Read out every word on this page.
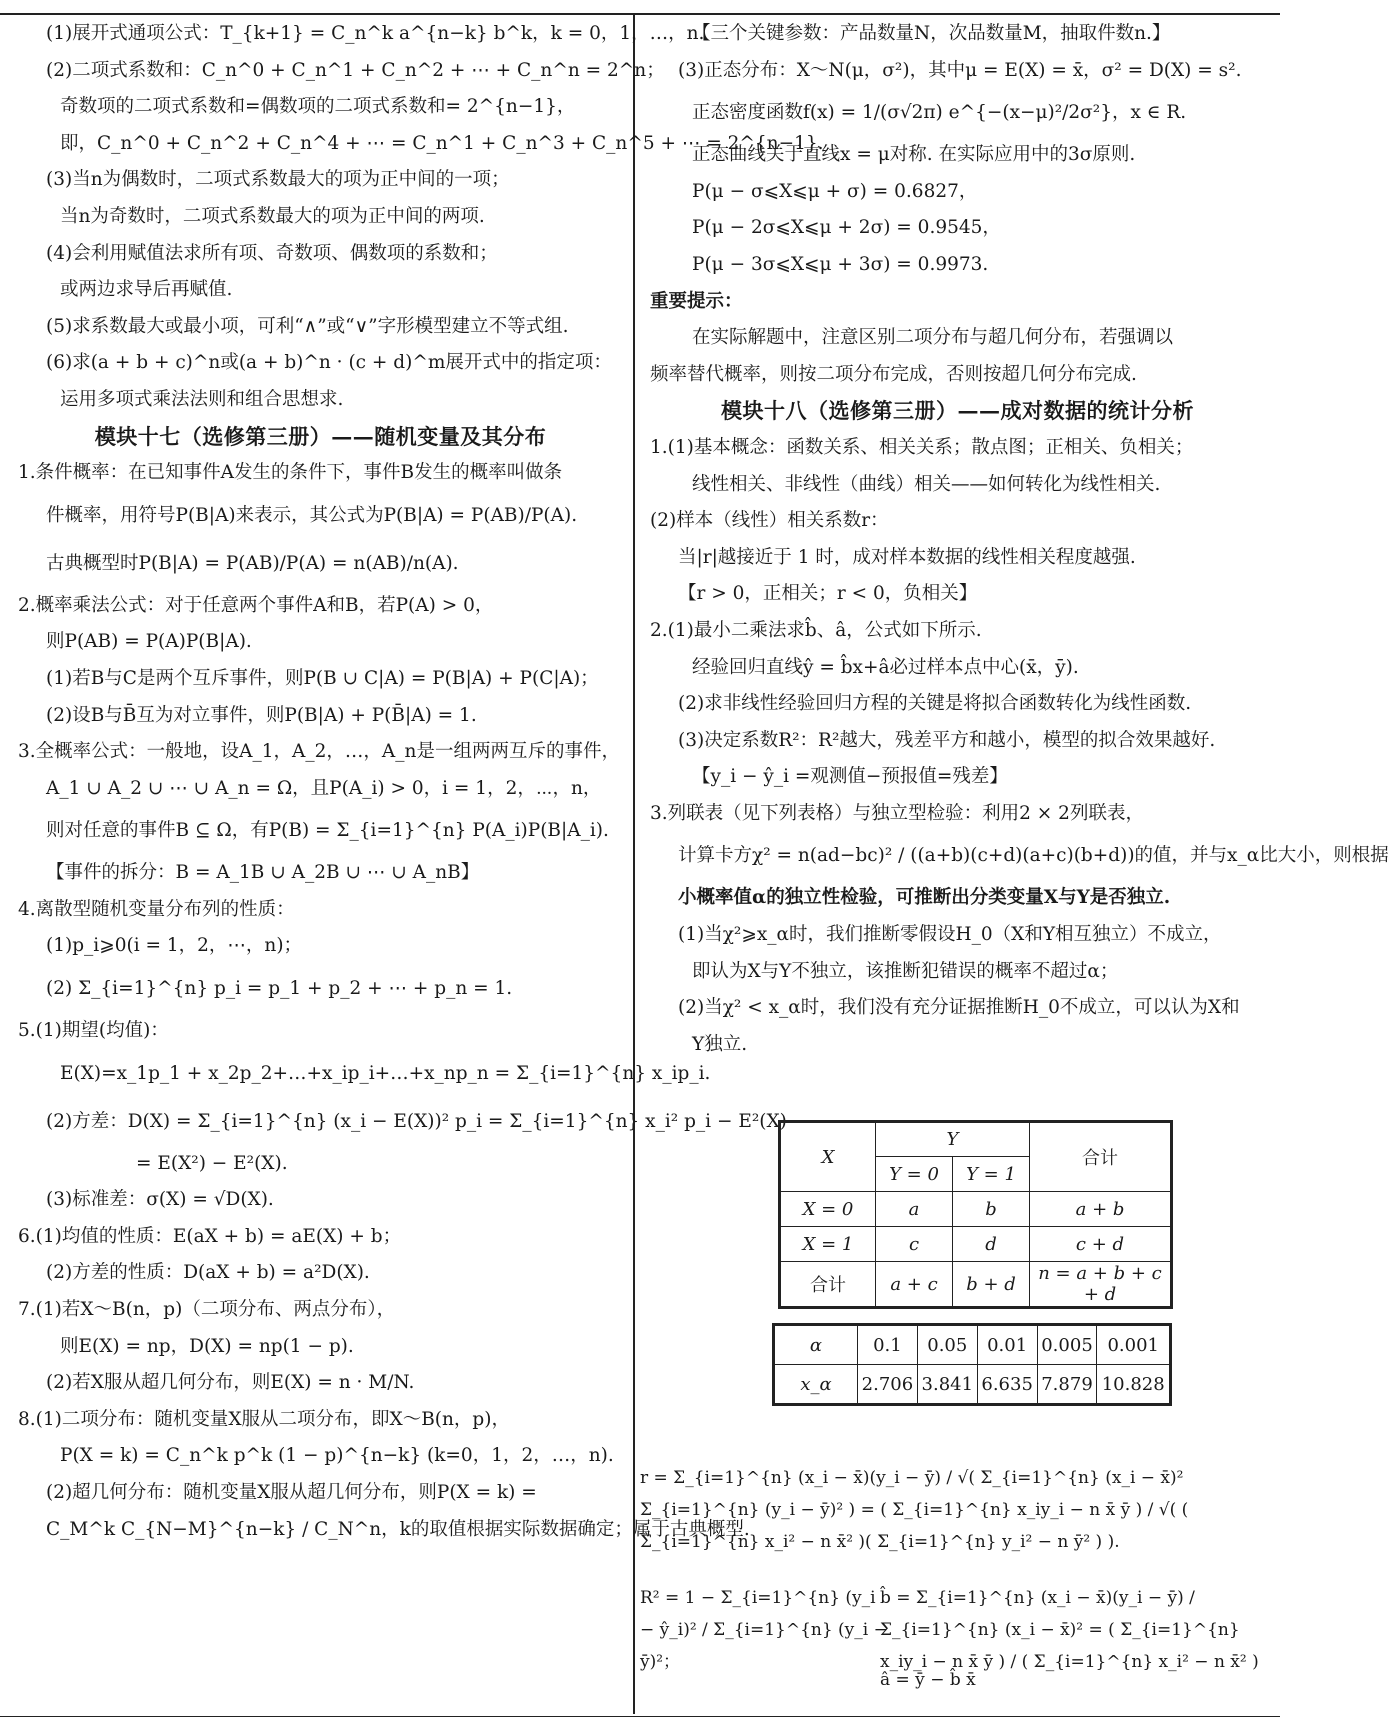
(1)展开式通项公式：T_{k+1} = C_n^k a^{n−k} b^k，k = 0，1，…，n.
(2)二项式系数和：C_n^0 + C_n^1 + C_n^2 + ⋯ + C_n^n = 2^n；
奇数项的二项式系数和=偶数项的二项式系数和= 2^{n−1}，
即，C_n^0 + C_n^2 + C_n^4 + ⋯ = C_n^1 + C_n^3 + C_n^5 + ⋯ = 2^{n−1}.
(3)当n为偶数时，二项式系数最大的项为正中间的一项；
当n为奇数时，二项式系数最大的项为正中间的两项.
(4)会利用赋值法求所有项、奇数项、偶数项的系数和；
或两边求导后再赋值.
(5)求系数最大或最小项，可利“∧”或“∨”字形模型建立不等式组.
(6)求(a + b + c)^n或(a + b)^n · (c + d)^m展开式中的指定项：
运用多项式乘法法则和组合思想求.
模块十七（选修第三册）——随机变量及其分布
1.条件概率：在已知事件A发生的条件下，事件B发生的概率叫做条
件概率，用符号P(B|A)来表示，其公式为P(B|A) = P(AB)/P(A).
古典概型时P(B|A) = P(AB)/P(A) = n(AB)/n(A).
2.概率乘法公式：对于任意两个事件A和B，若P(A) > 0，
则P(AB) = P(A)P(B|A).
(1)若B与C是两个互斥事件，则P(B ∪ C|A) = P(B|A) + P(C|A)；
(2)设B与B̄互为对立事件，则P(B|A) + P(B̄|A) = 1.
3.全概率公式：一般地，设A_1，A_2，…，A_n是一组两两互斥的事件，
A_1 ∪ A_2 ∪ ⋯ ∪ A_n = Ω，且P(A_i) > 0，i = 1，2，⋯，n，
则对任意的事件B ⊆ Ω，有P(B) = Σ_{i=1}^{n} P(A_i)P(B|A_i).
【事件的拆分：B = A_1B ∪ A_2B ∪ ⋯ ∪ A_nB】
4.离散型随机变量分布列的性质：
(1)p_i⩾0(i = 1，2，⋯，n)；
(2) Σ_{i=1}^{n} p_i = p_1 + p_2 + ⋯ + p_n = 1.
5.(1)期望(均值)：
E(X)=x_1p_1 + x_2p_2+…+x_ip_i+…+x_np_n = Σ_{i=1}^{n} x_ip_i.
(2)方差：D(X) = Σ_{i=1}^{n} (x_i − E(X))² p_i = Σ_{i=1}^{n} x_i² p_i − E²(X)
= E(X²) − E²(X).
(3)标准差：σ(X) = √D(X).
6.(1)均值的性质：E(aX + b) = aE(X) + b；
(2)方差的性质：D(aX + b) = a²D(X).
7.(1)若X～B(n，p)（二项分布、两点分布），
则E(X) = np，D(X) = np(1 − p).
(2)若X服从超几何分布，则E(X) = n · M/N.
8.(1)二项分布：随机变量X服从二项分布，即X～B(n，p)，
P(X = k) = C_n^k p^k (1 − p)^{n−k} (k=0，1，2，…，n).
(2)超几何分布：随机变量X服从超几何分布，则P(X = k) =
C_M^k C_{N−M}^{n−k} / C_N^n，k的取值根据实际数据确定；属于古典概型.
【三个关键参数：产品数量N，次品数量M，抽取件数n.】
(3)正态分布：X～N(μ，σ²)，其中μ = E(X) = x̄，σ² = D(X) = s².
正态密度函数f(x) = 1/(σ√2π) e^{−(x−μ)²/2σ²}，x ∈ R.
正态曲线关于直线x = μ对称. 在实际应用中的3σ原则.
P(μ − σ⩽X⩽μ + σ) = 0.6827，
P(μ − 2σ⩽X⩽μ + 2σ) = 0.9545，
P(μ − 3σ⩽X⩽μ + 3σ) = 0.9973.
重要提示：
在实际解题中，注意区别二项分布与超几何分布，若强调以
频率替代概率，则按二项分布完成，否则按超几何分布完成.
模块十八（选修第三册）——成对数据的统计分析
1.(1)基本概念：函数关系、相关关系；散点图；正相关、负相关；
线性相关、非线性（曲线）相关——如何转化为线性相关.
(2)样本（线性）相关系数r：
当|r|越接近于 1 时，成对样本数据的线性相关程度越强.
【r > 0，正相关；r < 0，负相关】
2.(1)最小二乘法求b̂、â，公式如下所示.
经验回归直线ŷ = b̂x+â必过样本点中心(x̄，ȳ).
(2)求非线性经验回归方程的关键是将拟合函数转化为线性函数.
(3)决定系数R²：R²越大，残差平方和越小，模型的拟合效果越好.
【y_i − ŷ_i =观测值−预报值=残差】
3.列联表（见下列表格）与独立型检验：利用2 × 2列联表，
计算卡方χ² = n(ad−bc)² / ((a+b)(c+d)(a+c)(b+d))的值，并与x_α比大小，则根据
小概率值α的独立性检验，可推断出分类变量X与Y是否独立.
(1)当χ²⩾x_α时，我们推断零假设H_0（X和Y相互独立）不成立，
即认为X与Y不独立，该推断犯错误的概率不超过α；
(2)当χ² < x_α时，我们没有充分证据推断H_0不成立，可以认为X和
Y独立.
X	Y		合计
	Y = 0	Y = 1	
X = 0	a	b	a + b
X = 1	c	d	c + d
合计	a + c	b + d	n = a + b + c + d
α	0.1	0.05	0.01	0.005	0.001
x_α	2.706	3.841	6.635	7.879	10.828
r = Σ_{i=1}^{n} (x_i − x̄)(y_i − ȳ) / √( Σ_{i=1}^{n} (x_i − x̄)² Σ_{i=1}^{n} (y_i − ȳ)² ) = ( Σ_{i=1}^{n} x_iy_i − n x̄ ȳ ) / √( ( Σ_{i=1}^{n} x_i² − n x̄² )( Σ_{i=1}^{n} y_i² − n ȳ² ) ).
R² = 1 − Σ_{i=1}^{n} (y_i − ŷ_i)² / Σ_{i=1}^{n} (y_i − ȳ)²；
b̂ = Σ_{i=1}^{n} (x_i − x̄)(y_i − ȳ) / Σ_{i=1}^{n} (x_i − x̄)² = ( Σ_{i=1}^{n} x_iy_i − n x̄ ȳ ) / ( Σ_{i=1}^{n} x_i² − n x̄² )
â = ȳ − b̂ x̄
